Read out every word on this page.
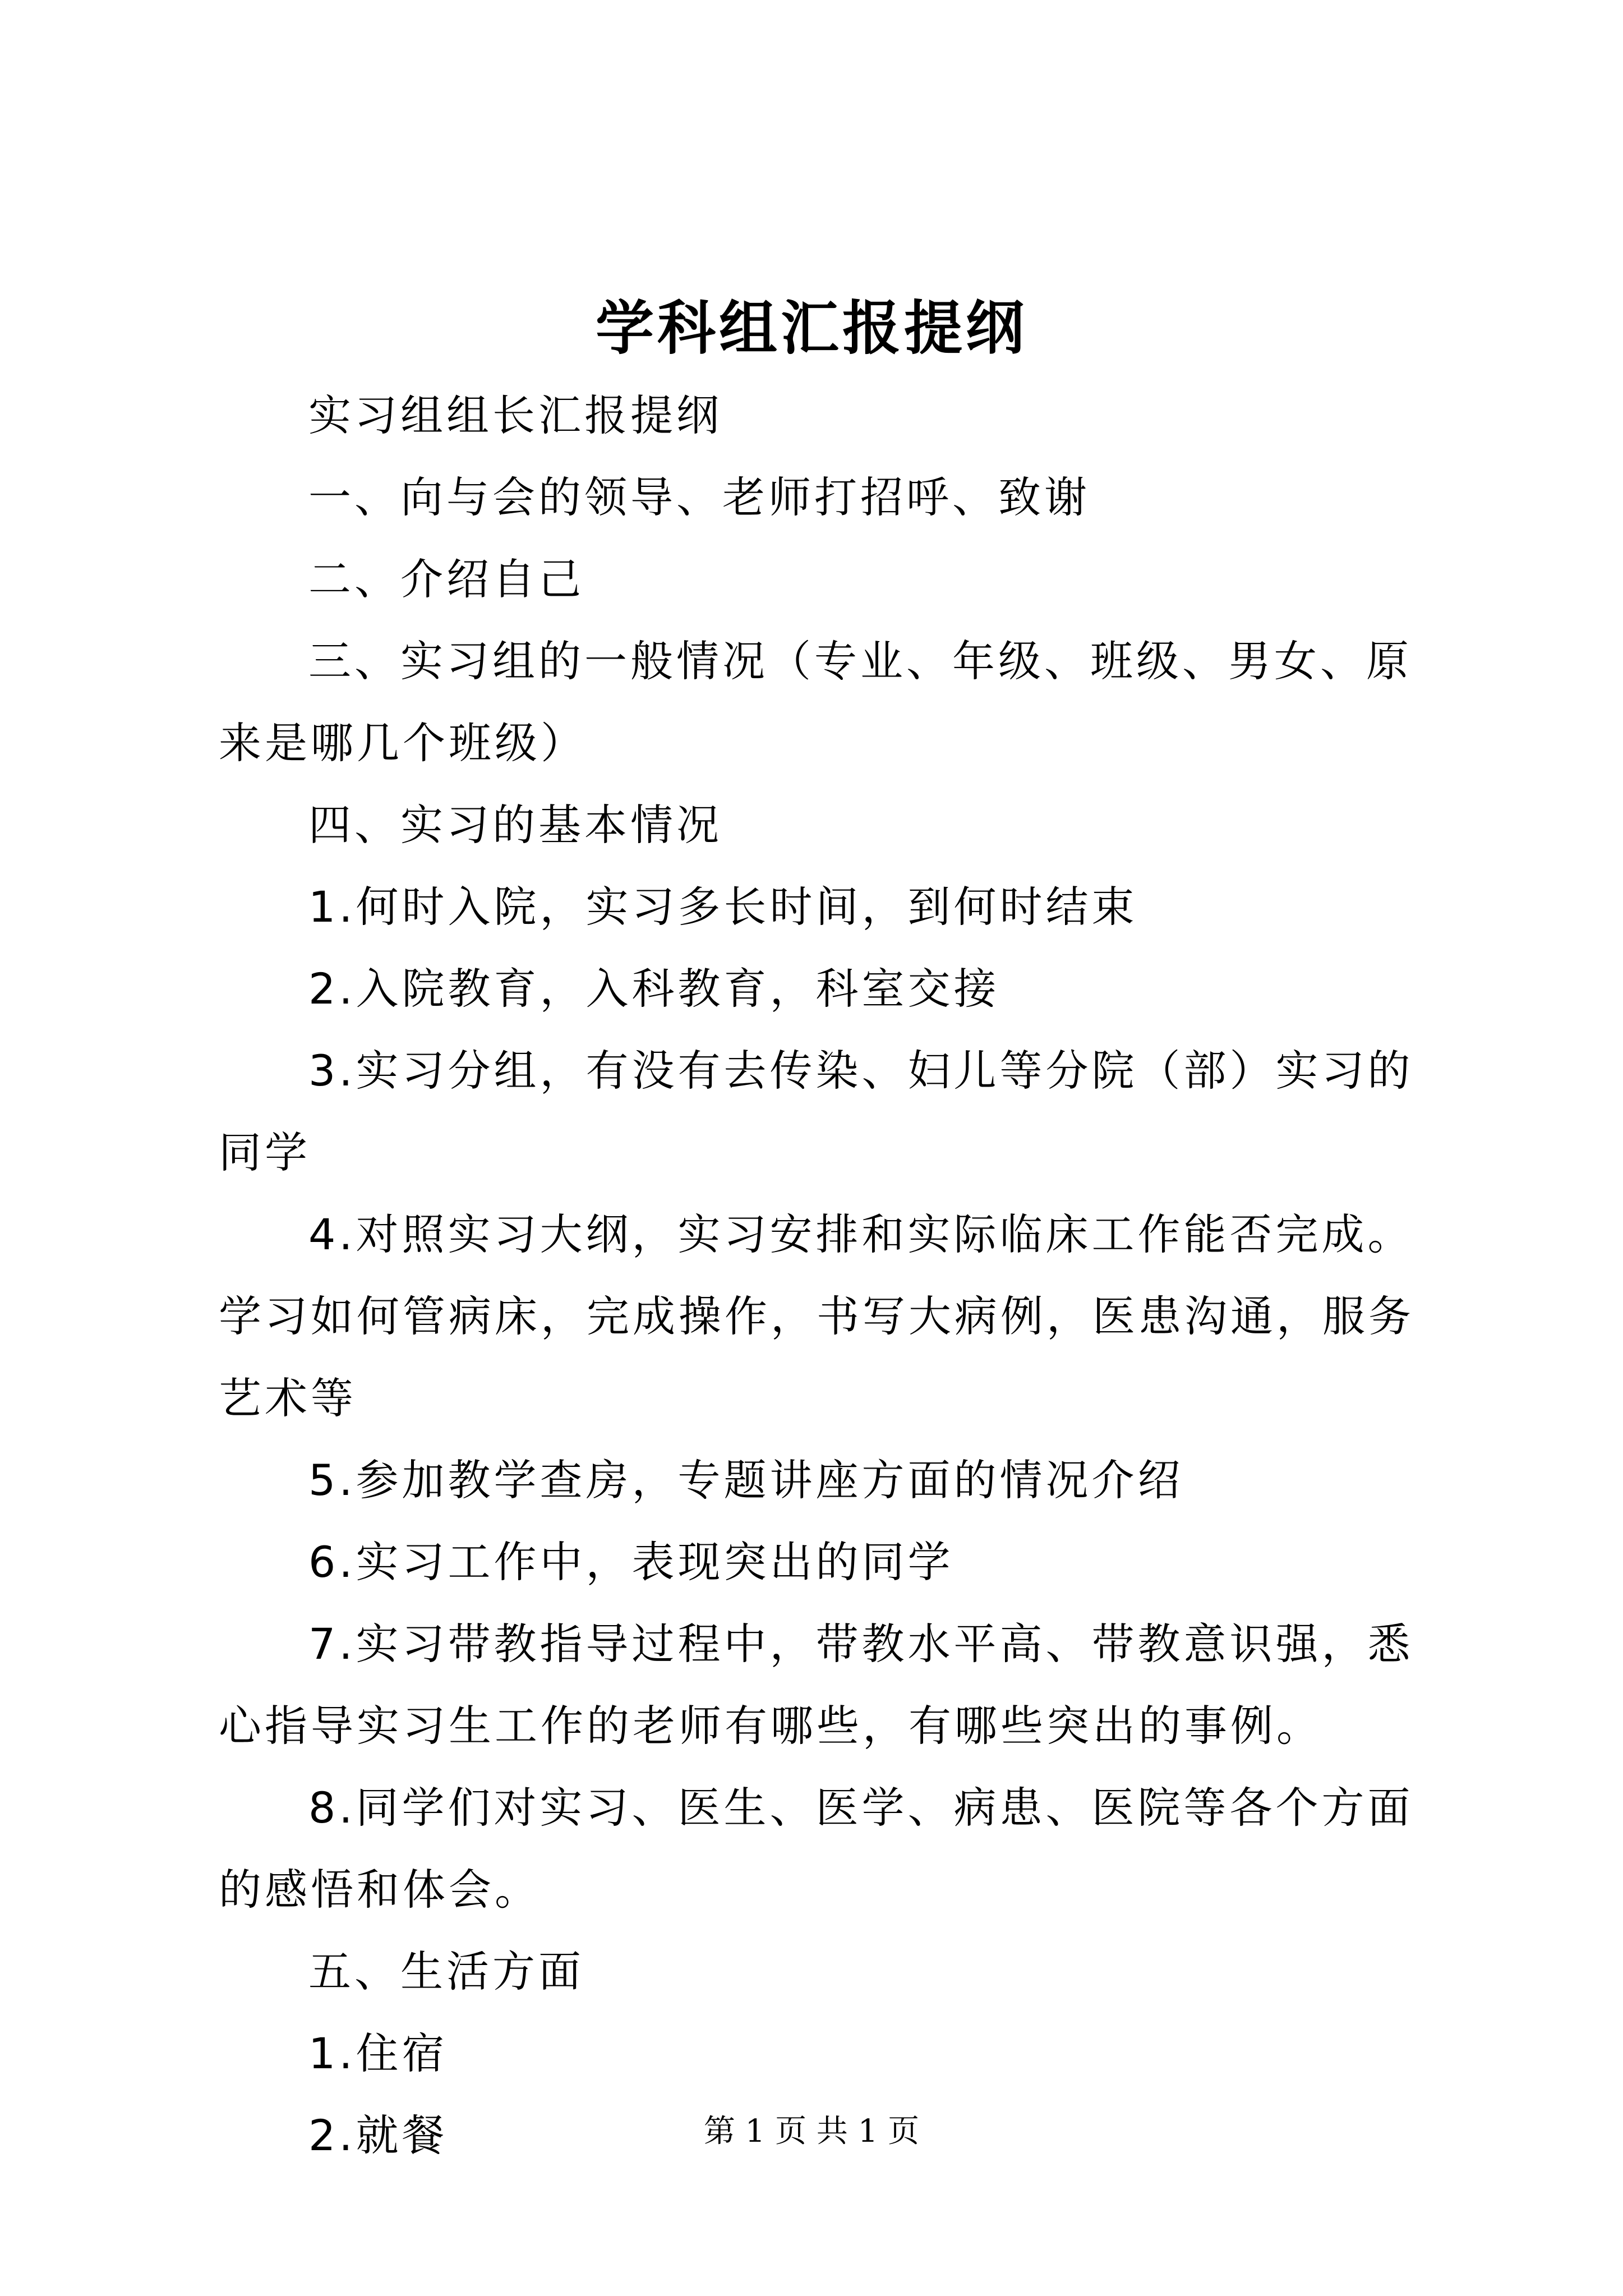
学科组汇报提纲

实习组组长汇报提纲

一、向与会的领导、老师打招呼、致谢

二、介绍自己

三、实习组的一般情况（专业、年级、班级、男女、原来是哪几个班级）

四、实习的基本情况

1.何时入院，实习多长时间，到何时结束

2.入院教育，入科教育，科室交接

3.实习分组，有没有去传染、妇儿等分院（部）实习的同学

4.对照实习大纲，实习安排和实际临床工作能否完成。学习如何管病床，完成操作，书写大病例，医患沟通，服务艺术等

5.参加教学查房，专题讲座方面的情况介绍

6.实习工作中，表现突出的同学

7.实习带教指导过程中，带教水平高、带教意识强，悉心指导实习生工作的老师有哪些，有哪些突出的事例。

8.同学们对实习、医生、医学、病患、医院等各个方面的感悟和体会。

五、生活方面

1.住宿

2.就餐	第 1 页 共 1 页
